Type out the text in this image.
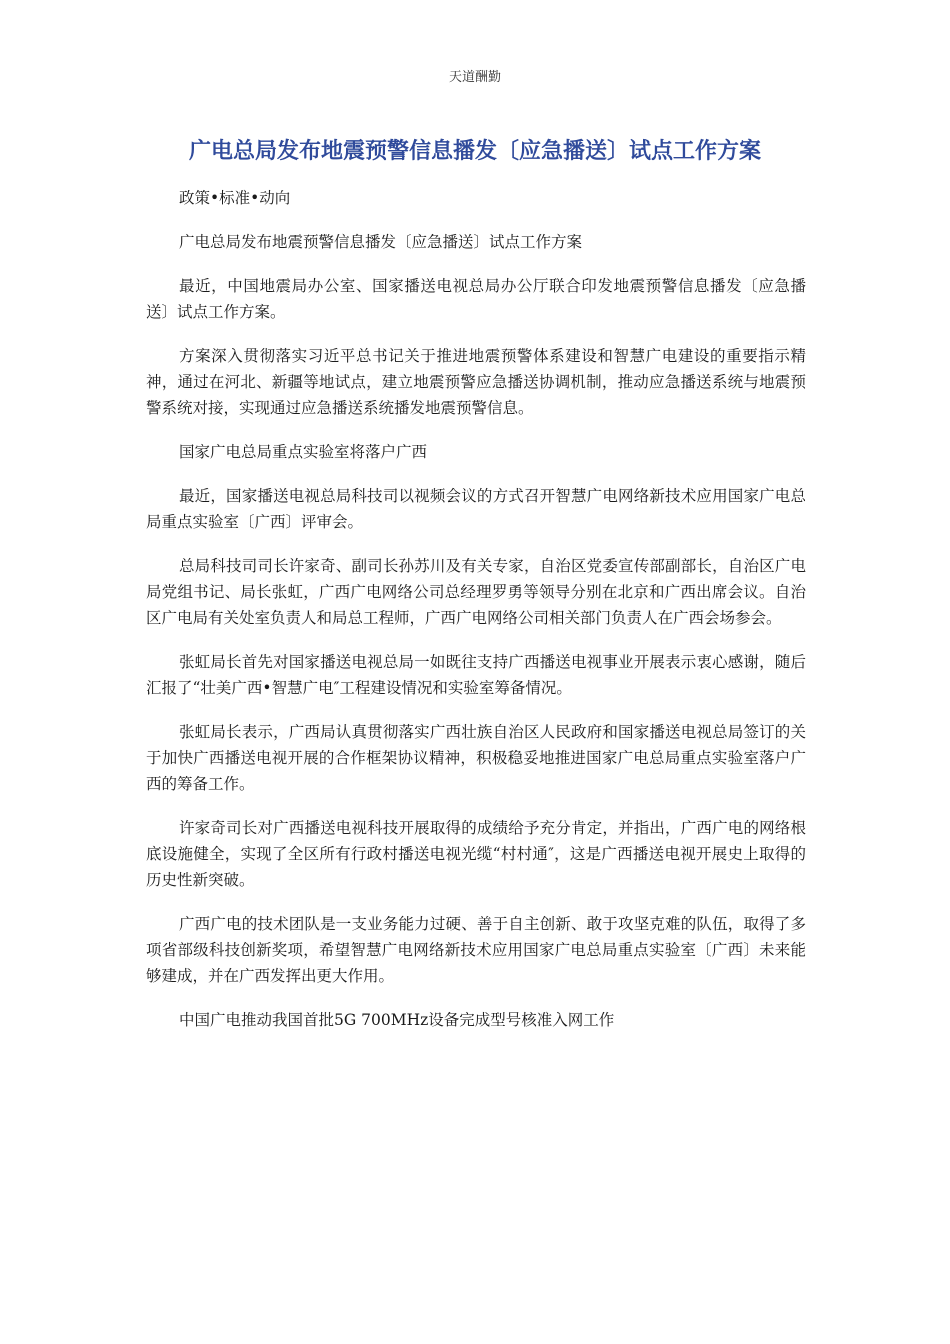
天道酬勤
广电总局发布地震预警信息播发〔应急播送〕试点工作方案

政策•标准•动向

广电总局发布地震预警信息播发〔应急播送〕试点工作方案

最近，中国地震局办公室、国家播送电视总局办公厅联合印发地震预警信息播发〔应急播送〕试点工作方案。

方案深入贯彻落实习近平总书记关于推进地震预警体系建设和智慧广电建设的重要指示精神，通过在河北、新疆等地试点，建立地震预警应急播送协调机制，推动应急播送系统与地震预警系统对接，实现通过应急播送系统播发地震预警信息。

国家广电总局重点实验室将落户广西

最近，国家播送电视总局科技司以视频会议的方式召开智慧广电网络新技术应用国家广电总局重点实验室〔广西〕评审会。

总局科技司司长许家奇、副司长孙苏川及有关专家，自治区党委宣传部副部长，自治区广电局党组书记、局长张虹，广西广电网络公司总经理罗勇等领导分别在北京和广西出席会议。自治区广电局有关处室负责人和局总工程师，广西广电网络公司相关部门负责人在广西会场参会。

张虹局长首先对国家播送电视总局一如既往支持广西播送电视事业开展表示衷心感谢，随后汇报了“壮美广西•智慧广电″工程建设情况和实验室筹备情况。

张虹局长表示，广西局认真贯彻落实广西壮族自治区人民政府和国家播送电视总局签订的关于加快广西播送电视开展的合作框架协议精神，积极稳妥地推进国家广电总局重点实验室落户广西的筹备工作。

许家奇司长对广西播送电视科技开展取得的成绩给予充分肯定，并指出，广西广电的网络根底设施健全，实现了全区所有行政村播送电视光缆“村村通″，这是广西播送电视开展史上取得的历史性新突破。

广西广电的技术团队是一支业务能力过硬、善于自主创新、敢于攻坚克难的队伍，取得了多项省部级科技创新奖项，希望智慧广电网络新技术应用国家广电总局重点实验室〔广西〕未来能够建成，并在广西发挥出更大作用。

中国广电推动我国首批5G 700MHz设备完成型号核准入网工作
